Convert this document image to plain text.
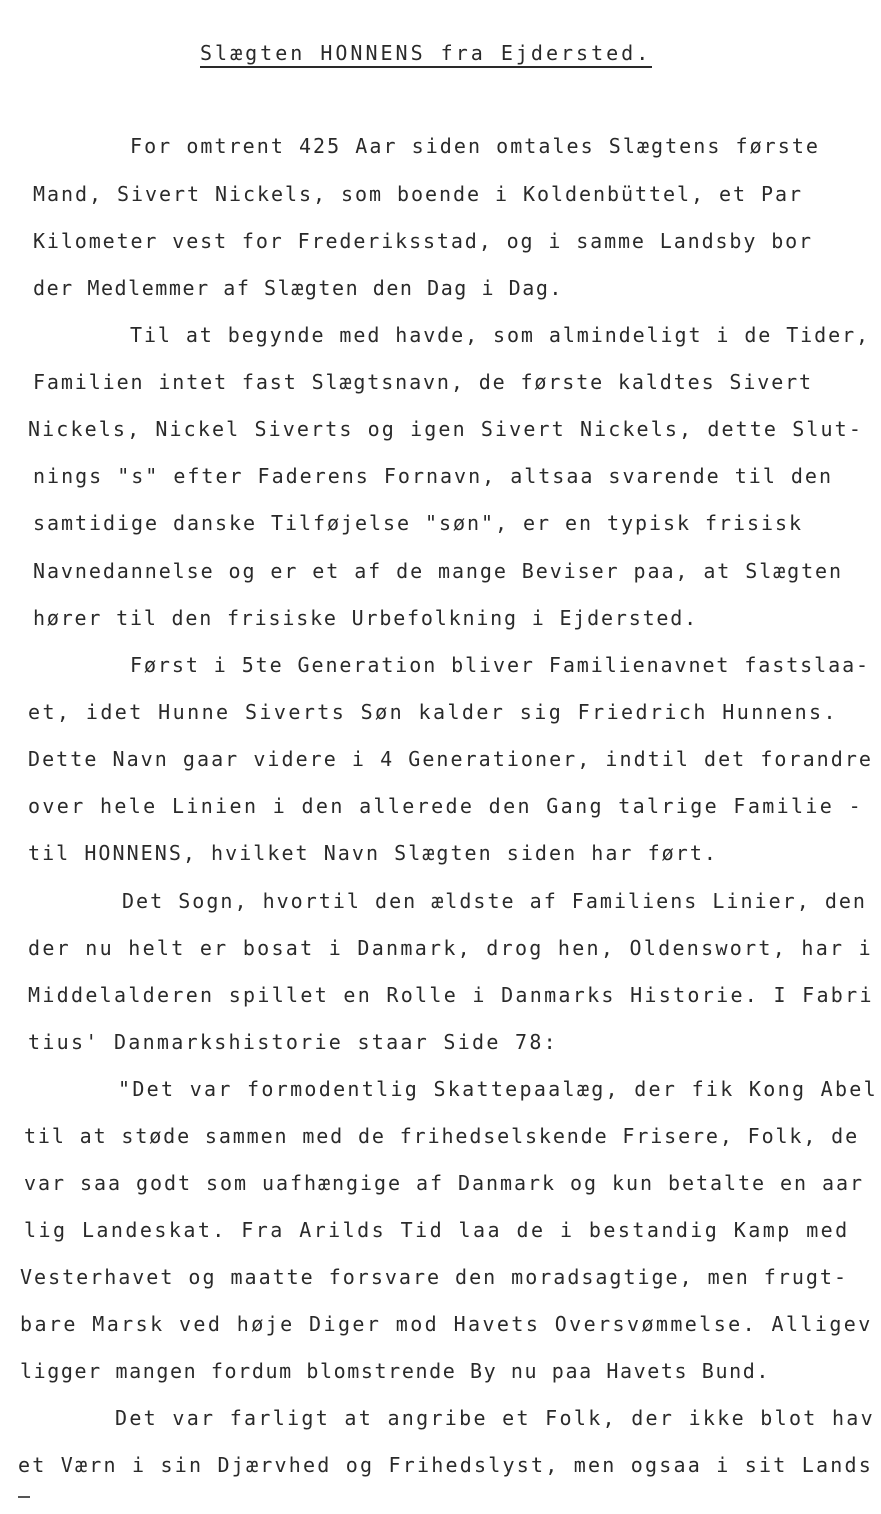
Slægten HONNENS fra Ejdersted.
For omtrent 425 Aar siden omtales Slægtens første
Mand, Sivert Nickels, som boende i Koldenbüttel, et Par
Kilometer vest for Frederiksstad, og i samme Landsby bor
der Medlemmer af Slægten den Dag i Dag.
Til at begynde med havde, som almindeligt i de Tider,
Familien intet fast Slægtsnavn, de første kaldtes Sivert
Nickels, Nickel Siverts og igen Sivert Nickels, dette Slut-
nings "s" efter Faderens Fornavn, altsaa svarende til den
samtidige danske Tilføjelse "søn", er en typisk frisisk
Navnedannelse og er et af de mange Beviser paa, at Slægten
hører til den frisiske Urbefolkning i Ejdersted.
Først i 5te Generation bliver Familienavnet fastslaa-
et, idet Hunne Siverts Søn kalder sig Friedrich Hunnens.
Dette Navn gaar videre i 4 Generationer, indtil det forandre
over hele Linien i den allerede den Gang talrige Familie -
til HONNENS, hvilket Navn Slægten siden har ført.
Det Sogn, hvortil den ældste af Familiens Linier, den
der nu helt er bosat i Danmark, drog hen, Oldenswort, har i
Middelalderen spillet en Rolle i Danmarks Historie. I Fabri
tius' Danmarkshistorie staar Side 78:
"Det var formodentlig Skattepaalæg, der fik Kong Abel
til at støde sammen med de frihedselskende Frisere, Folk, de
var saa godt som uafhængige af Danmark og kun betalte en aar
lig Landeskat. Fra Arilds Tid laa de i bestandig Kamp med
Vesterhavet og maatte forsvare den moradsagtige, men frugt-
bare Marsk ved høje Diger mod Havets Oversvømmelse. Alligev
ligger mangen fordum blomstrende By nu paa Havets Bund.
Det var farligt at angribe et Folk, der ikke blot hav
et Værn i sin Djærvhed og Frihedslyst, men ogsaa i sit Lands
